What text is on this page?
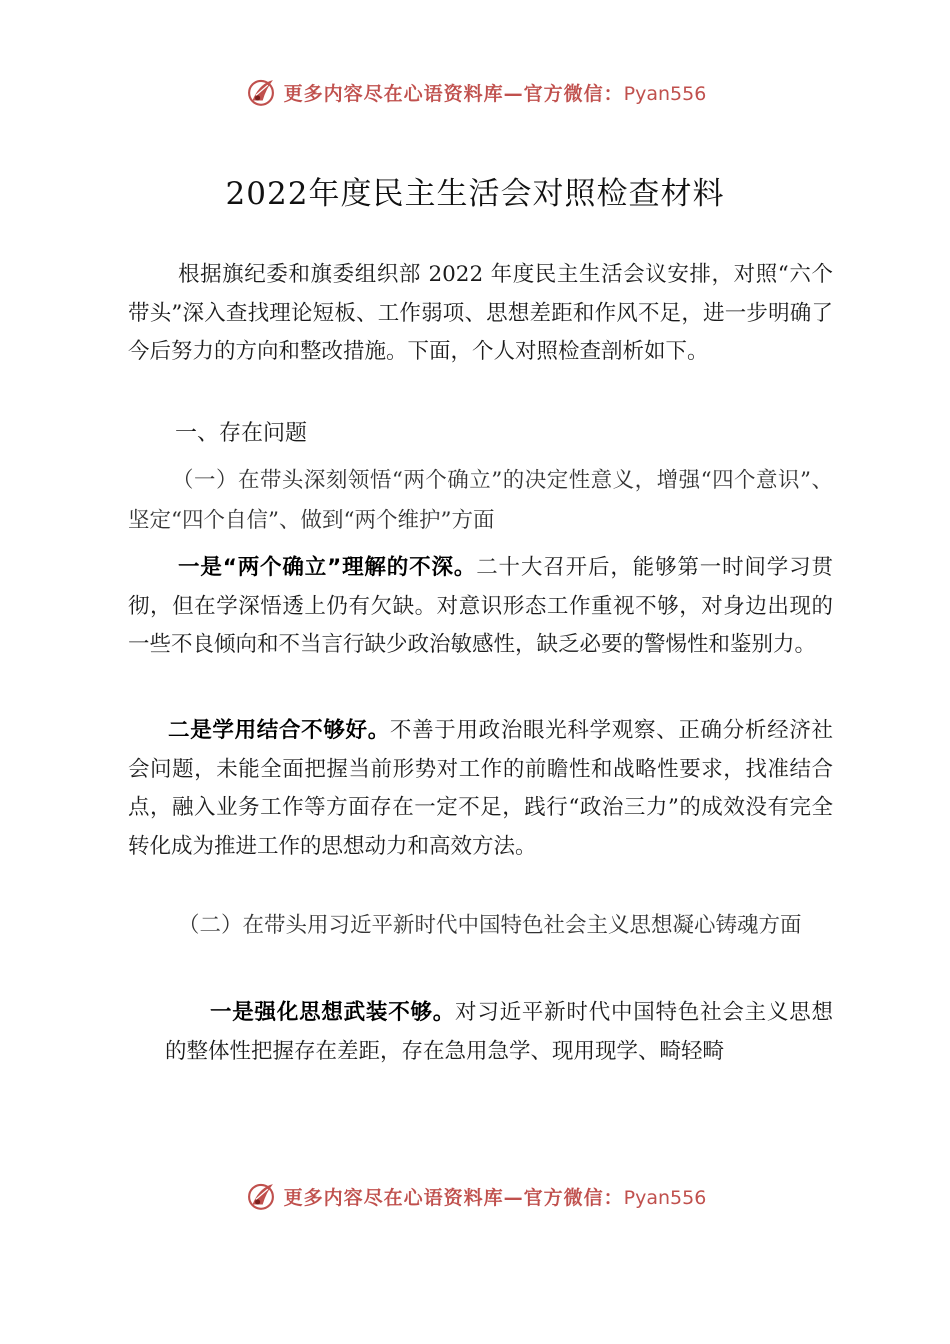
更多内容尽在心语资料库—官方微信：Pyan556
2022年度民主生活会对照检查材料
根据旗纪委和旗委组织部 2022 年度民主生活会议安排，对照“六个带头”深入查找理论短板、工作弱项、思想差距和作风不足，进一步明确了今后努力的方向和整改措施。下面，个人对照检查剖析如下。
一、存在问题
（一）在带头深刻领悟“两个确立”的决定性意义，增强“四个意识”、坚定“四个自信”、做到“两个维护”方面
一是“两个确立”理解的不深。二十大召开后，能够第一时间学习贯彻，但在学深悟透上仍有欠缺。对意识形态工作重视不够，对身边出现的一些不良倾向和不当言行缺少政治敏感性，缺乏必要的警惕性和鉴别力。
二是学用结合不够好。不善于用政治眼光科学观察、正确分析经济社会问题，未能全面把握当前形势对工作的前瞻性和战略性要求，找准结合点，融入业务工作等方面存在一定不足，践行“政治三力”的成效没有完全转化成为推进工作的思想动力和高效方法。
（二）在带头用习近平新时代中国特色社会主义思想凝心铸魂方面
一是强化思想武装不够。对习近平新时代中国特色社会主义思想的整体性把握存在差距，存在急用急学、现用现学、畸轻畸
更多内容尽在心语资料库—官方微信：Pyan556
